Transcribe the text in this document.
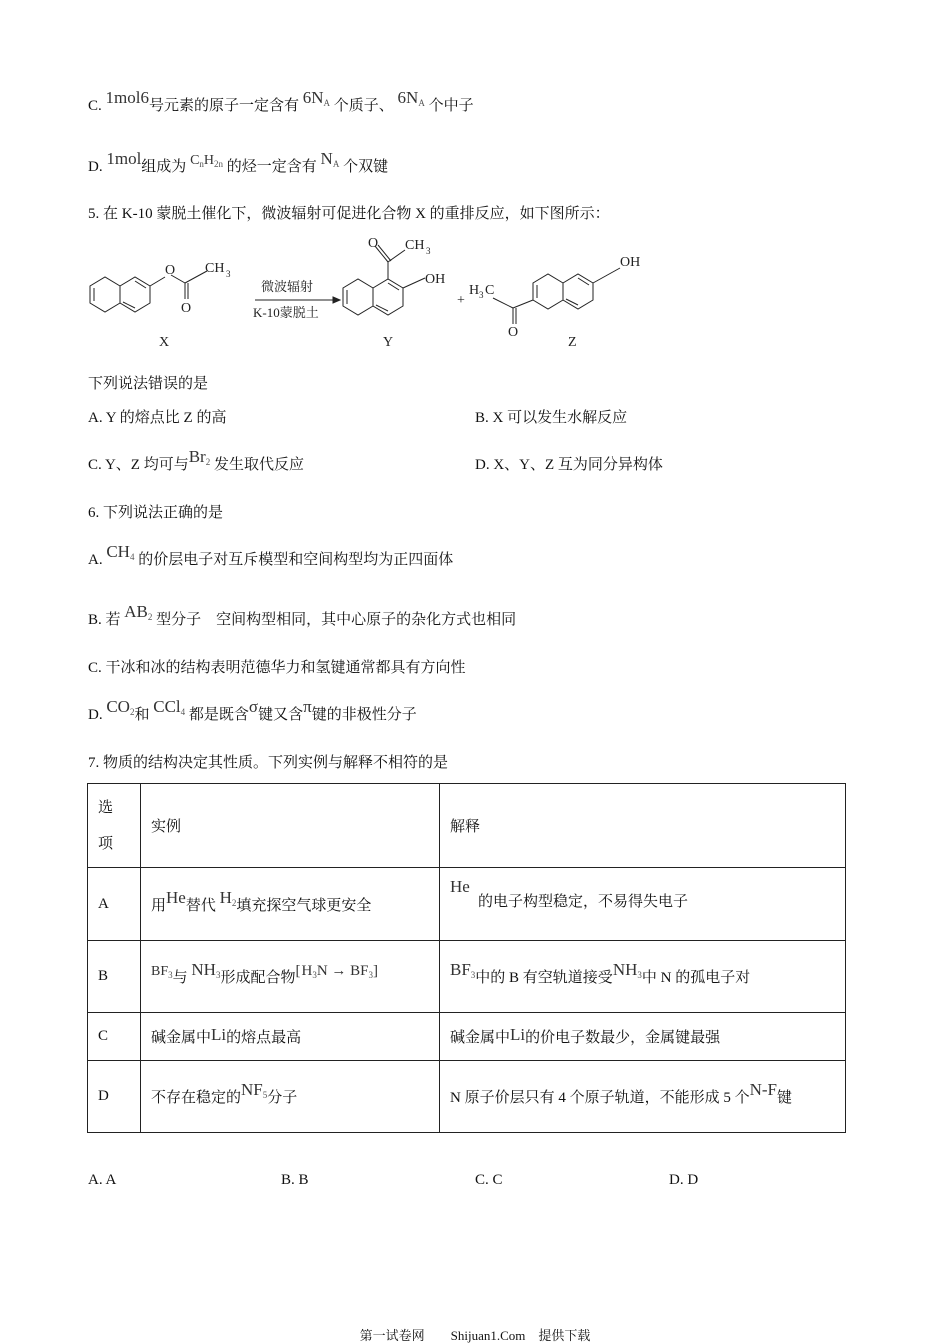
C. 1mol6号元素的原子一定含有 $6N^A$ 个质子、 $6N^A$ 个中子
D. 1mol组成为 $C^nH^{2n}$ 的烃一定含有 $N^A$ 个双键
5. 在 K-10 蒙脱土催化下，微波辐射可促进化合物 X 的重排反应，如下图所示：
O CH 3
O
微波辐射
K-10蒙脱土
O CH 3
OH
+
H 3 C
O
OH
X	Y	Z
下列说法错误的是
A. Y 的熔点比 Z 的高	B. X 可以发生水解反应
C. Y、Z 均可与Br$^2$ 发生取代反应	D. X、Y、Z 互为同分异构体
6. 下列说法正确的是
A. $CH^4$ 的价层电子对互斥模型和空间构型均为正四面体
B. 若 $AB^2$ 型分子　空间构型相同，其中心原子的杂化方式也相同
C. 干冰和冰的结构表明范德华力和氢键通常都具有方向性
D. $CO^2$和 CCl$^4$ 都是既含σ键又含π键的非极性分子
7. 物质的结构决定其性质。下列实例与解释不相符的是
选
项	实例	解释
A	用He替代 $H^2$填充探空气球更安全	He
的电子构型稳定，不易得失电子
B	$BF^3$与 $NH^3$形成配合物$[H^3N \to BF^3]$	$BF^3$中的 B 有空轨道接受$NH^3$中 N 的孤电子对
C	碱金属中Li的熔点最高	碱金属中Li的价电子数最少，金属键最强
D	不存在稳定的$NF^5$分子	N 原子价层只有 4 个原子轨道，不能形成 5 个N-F键
A. A	B. B	C. C	D. D
第一试卷网　　Shijuan1.Com　提供下载
